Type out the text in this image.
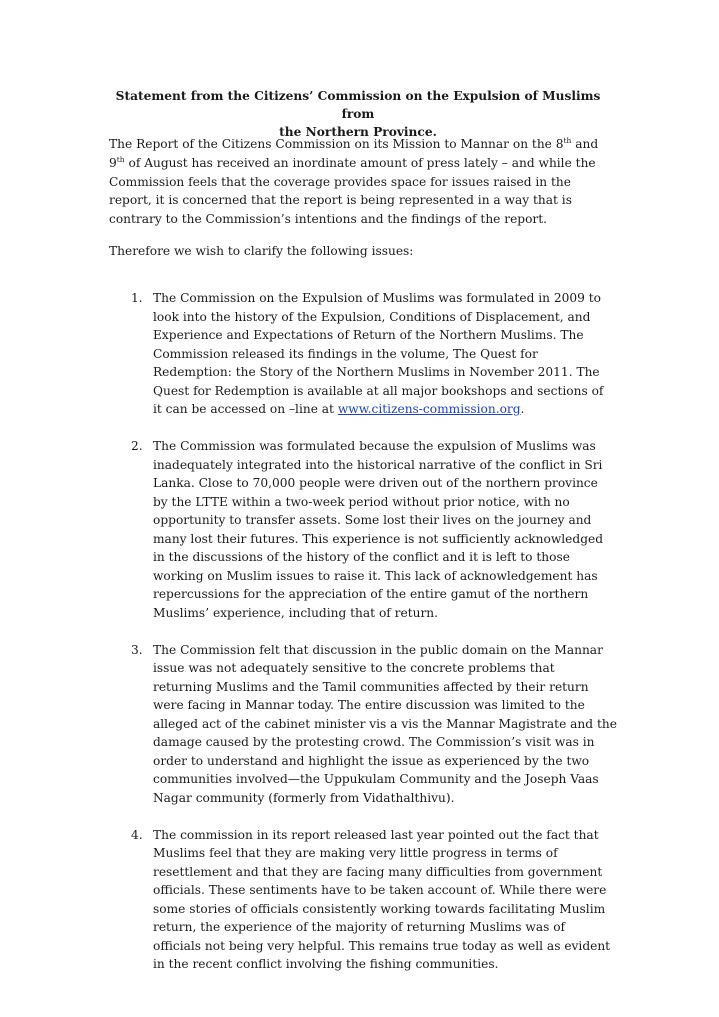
Statement from the Citizens’ Commission on the Expulsion of Muslims from
the Northern Province.

The Report of the Citizens Commission on its Mission to Mannar on the 8th and
9th of August has received an inordinate amount of press lately – and while the
Commission feels that the coverage provides space for issues raised in the
report, it is concerned that the report is being represented in a way that is
contrary to the Commission’s intentions and the findings of the report.

Therefore we wish to clarify the following issues:

1. The Commission on the Expulsion of Muslims was formulated in 2009 to
look into the history of the Expulsion, Conditions of Displacement, and
Experience and Expectations of Return of the Northern Muslims. The
Commission released its findings in the volume, The Quest for
Redemption: the Story of the Northern Muslims in November 2011. The
Quest for Redemption is available at all major bookshops and sections of
it can be accessed on –line at www.citizens-commission.org.
2. The Commission was formulated because the expulsion of Muslims was
inadequately integrated into the historical narrative of the conflict in Sri
Lanka. Close to 70,000 people were driven out of the northern province
by the LTTE within a two-week period without prior notice, with no
opportunity to transfer assets. Some lost their lives on the journey and
many lost their futures. This experience is not sufficiently acknowledged
in the discussions of the history of the conflict and it is left to those
working on Muslim issues to raise it. This lack of acknowledgement has
repercussions for the appreciation of the entire gamut of the northern
Muslims’ experience, including that of return.
3. The Commission felt that discussion in the public domain on the Mannar
issue was not adequately sensitive to the concrete problems that
returning Muslims and the Tamil communities affected by their return
were facing in Mannar today. The entire discussion was limited to the
alleged act of the cabinet minister vis a vis the Mannar Magistrate and the
damage caused by the protesting crowd. The Commission’s visit was in
order to understand and highlight the issue as experienced by the two
communities involved—the Uppukulam Community and the Joseph Vaas
Nagar community (formerly from Vidathalthivu).
4. The commission in its report released last year pointed out the fact that
Muslims feel that they are making very little progress in terms of
resettlement and that they are facing many difficulties from government
officials. These sentiments have to be taken account of. While there were
some stories of officials consistently working towards facilitating Muslim
return, the experience of the majority of returning Muslims was of
officials not being very helpful. This remains true today as well as evident
in the recent conflict involving the fishing communities.
